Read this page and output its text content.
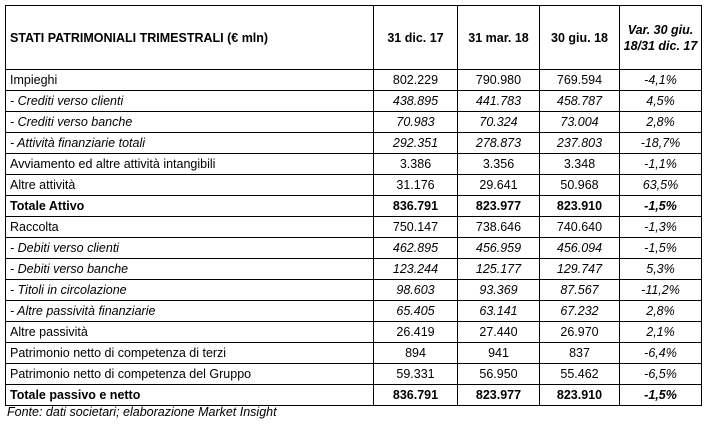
STATI PATRIMONIALI TRIMESTRALI (€ mln)	31 dic. 17	31 mar. 18	30 giu. 18	Var. 30 giu. 18/31 dic. 17
Impieghi	802.229	790.980	769.594	-4,1%
- Crediti verso clienti	438.895	441.783	458.787	4,5%
- Crediti verso banche	70.983	70.324	73.004	2,8%
- Attività finanziarie totali	292.351	278.873	237.803	-18,7%
Avviamento ed altre attività intangibili	3.386	3.356	3.348	-1,1%
Altre attività	31.176	29.641	50.968	63,5%
Totale Attivo	836.791	823.977	823.910	-1,5%
Raccolta	750.147	738.646	740.640	-1,3%
- Debiti verso clienti	462.895	456.959	456.094	-1,5%
- Debiti verso banche	123.244	125.177	129.747	5,3%
- Titoli in circolazione	98.603	93.369	87.567	-11,2%
- Altre passività finanziarie	65.405	63.141	67.232	2,8%
Altre passività	26.419	27.440	26.970	2,1%
Patrimonio netto di competenza di terzi	894	941	837	-6,4%
Patrimonio netto di competenza del Gruppo	59.331	56.950	55.462	-6,5%
Totale passivo e netto	836.791	823.977	823.910	-1,5%
Fonte: dati societari; elaborazione Market Insight
